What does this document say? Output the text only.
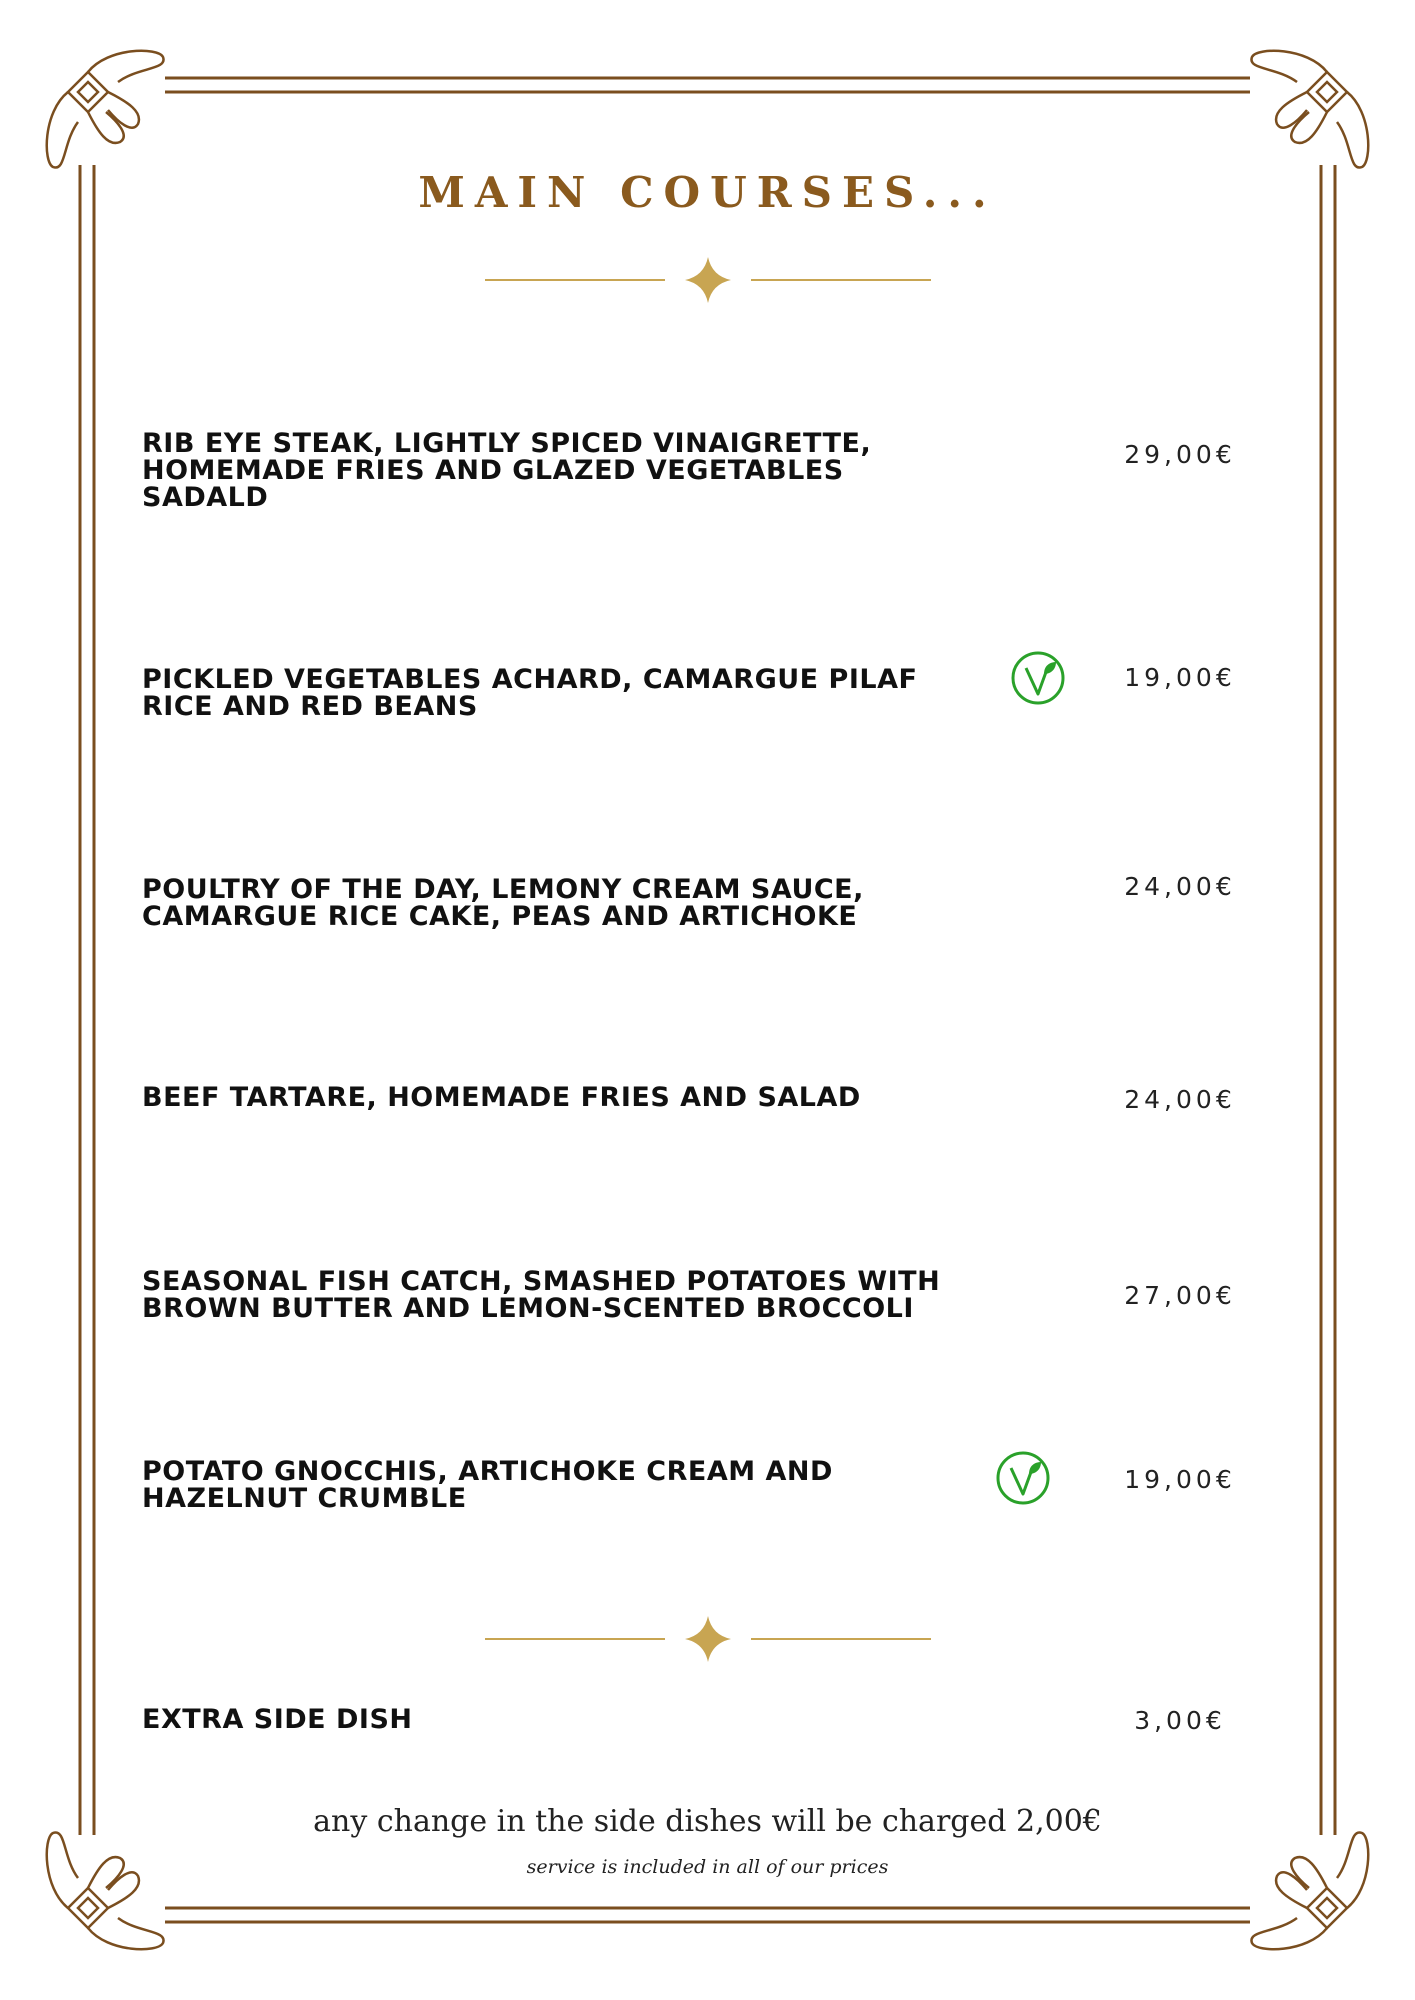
MAIN COURSES...
RIB EYE STEAK, LIGHTLY SPICED VINAIGRETTE,
HOMEMADE FRIES AND GLAZED VEGETABLES
SADALD
29,00€
PICKLED VEGETABLES ACHARD, CAMARGUE PILAF
RICE AND RED BEANS
19,00€
POULTRY OF THE DAY, LEMONY CREAM SAUCE,
CAMARGUE RICE CAKE, PEAS AND ARTICHOKE
24,00€
BEEF TARTARE, HOMEMADE FRIES AND SALAD	24,00€
SEASONAL FISH CATCH, SMASHED POTATOES WITH
BROWN BUTTER AND LEMON-SCENTED BROCCOLI	27,00€
POTATO GNOCCHIS, ARTICHOKE CREAM AND
HAZELNUT CRUMBLE
19,00€
EXTRA SIDE DISH	3,00€
any change in the side dishes will be charged 2,00€
service is included in all of our prices
